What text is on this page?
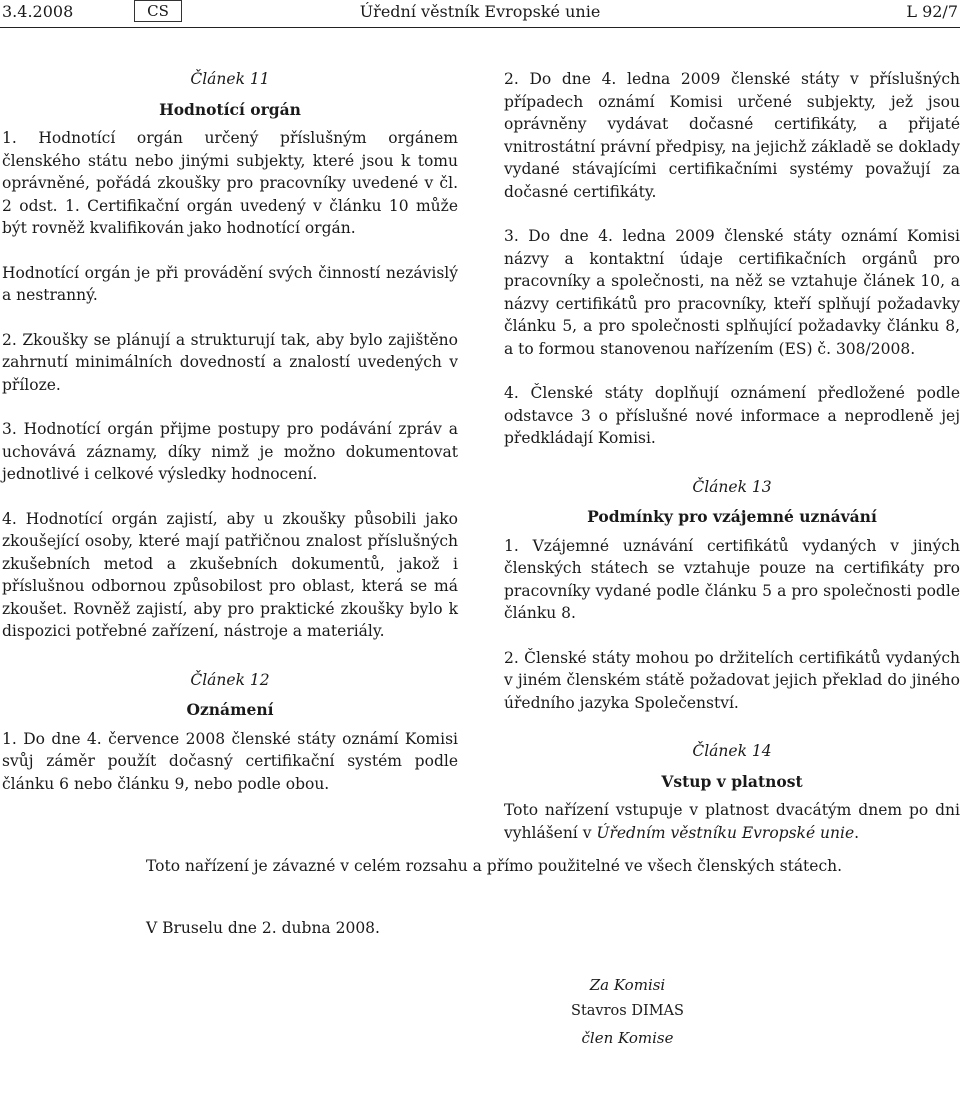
3.4.2008	CS	Úřední věstník Evropské unie	L 92/7
Článek 11
Hodnotící orgán

1. Hodnotící orgán určený příslušným orgánem členského státu nebo jinými subjekty, které jsou k tomu oprávněné, pořádá zkoušky pro pracovníky uvedené v čl. 2 odst. 1. Certifikační orgán uvedený v článku 10 může být rovněž kvalifikován jako hodnotící orgán.

Hodnotící orgán je při provádění svých činností nezávislý a nestranný.

2. Zkoušky se plánují a strukturují tak, aby bylo zajištěno zahrnutí minimálních dovedností a znalostí uvedených v příloze.

3. Hodnotící orgán přijme postupy pro podávání zpráv a uchovává záznamy, díky nimž je možno dokumentovat jednotlivé i celkové výsledky hodnocení.

4. Hodnotící orgán zajistí, aby u zkoušky působili jako zkoušející osoby, které mají patřičnou znalost příslušných zkušebních metod a zkušebních dokumentů, jakož i příslušnou odbornou způsobilost pro oblast, která se má zkoušet. Rovněž zajistí, aby pro praktické zkoušky bylo k dispozici potřebné zařízení, nástroje a materiály.

Článek 12
Oznámení

1. Do dne 4. července 2008 členské státy oznámí Komisi svůj záměr použít dočasný certifikační systém podle článku 6 nebo článku 9, nebo podle obou.

2. Do dne 4. ledna 2009 členské státy v příslušných případech oznámí Komisi určené subjekty, jež jsou oprávněny vydávat dočasné certifikáty, a přijaté vnitrostátní právní předpisy, na jejichž základě se doklady vydané stávajícími certifikačními systémy považují za dočasné certifikáty.

3. Do dne 4. ledna 2009 členské státy oznámí Komisi názvy a kontaktní údaje certifikačních orgánů pro pracovníky a společnosti, na něž se vztahuje článek 10, a názvy certifikátů pro pracovníky, kteří splňují požadavky článku 5, a pro společnosti splňující požadavky článku 8, a to formou stanovenou nařízením (ES) č. 308/2008.

4. Členské státy doplňují oznámení předložené podle odstavce 3 o příslušné nové informace a neprodleně jej předkládají Komisi.

Článek 13
Podmínky pro vzájemné uznávání

1. Vzájemné uznávání certifikátů vydaných v jiných členských státech se vztahuje pouze na certifikáty pro pracovníky vydané podle článku 5 a pro společnosti podle článku 8.

2. Členské státy mohou po držitelích certifikátů vydaných v jiném členském státě požadovat jejich překlad do jiného úředního jazyka Společenství.

Článek 14
Vstup v platnost

Toto nařízení vstupuje v platnost dvacátým dnem po dni vyhlášení v Úředním věstníku Evropské unie.

Toto nařízení je závazné v celém rozsahu a přímo použitelné ve všech členských státech.
V Bruselu dne 2. dubna 2008.
Za Komisi
Stavros DIMAS
člen Komise
